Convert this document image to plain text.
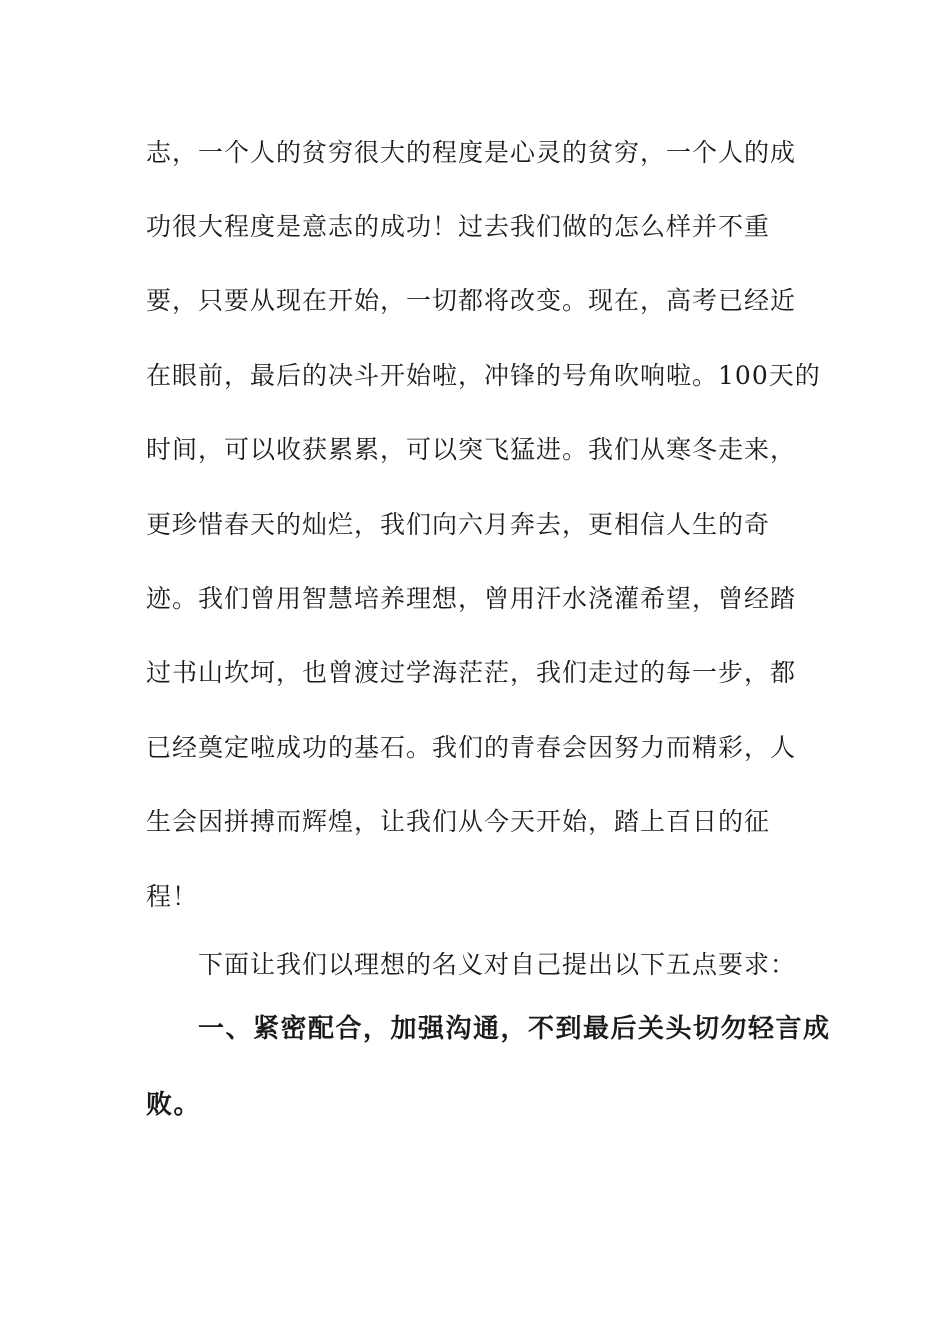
志，一个人的贫穷很大的程度是心灵的贫穷，一个人的成
功很大程度是意志的成功！过去我们做的怎么样并不重
要，只要从现在开始，一切都将改变。现在，高考已经近
在眼前，最后的决斗开始啦，冲锋的号角吹响啦。100天的
时间，可以收获累累，可以突飞猛进。我们从寒冬走来，
更珍惜春天的灿烂，我们向六月奔去，更相信人生的奇
迹。我们曾用智慧培养理想，曾用汗水浇灌希望，曾经踏
过书山坎坷，也曾渡过学海茫茫，我们走过的每一步，都
已经奠定啦成功的基石。我们的青春会因努力而精彩，人
生会因拼搏而辉煌，让我们从今天开始，踏上百日的征
程！
下面让我们以理想的名义对自己提出以下五点要求：
一、紧密配合，加强沟通，不到最后关头切勿轻言成
败。
